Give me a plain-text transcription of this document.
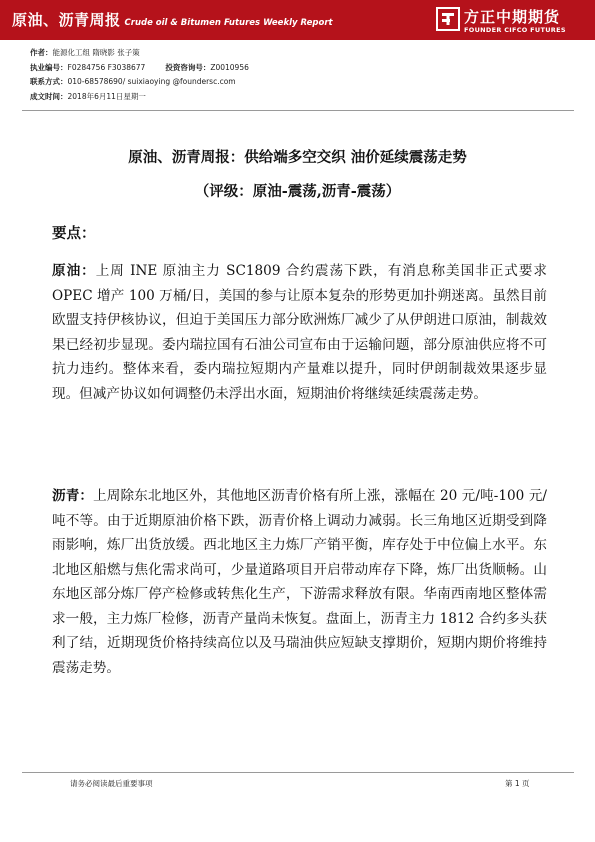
原油、沥青周报 Crude oil & Bitumen Futures Weekly Report	方正中期期货
FOUNDER CIFCO FUTURES
作者：能源化工组 隋晓影 张子策
执业编号：F0284756 F3038677	投资咨询号：Z0010956
联系方式：010-68578690/ suixiaoying @foundersc.com
成文时间：2018年6月11日星期一
原油、沥青周报：供给端多空交织 油价延续震荡走势
（评级：原油-震荡,沥青-震荡）
要点：

原油：上周 INE 原油主力 SC1809 合约震荡下跌，有消息称美国非正式要求 OPEC 增产 100 万桶/日，美国的参与让原本复杂的形势更加扑朔迷离。虽然目前欧盟支持伊核协议，但迫于美国压力部分欧洲炼厂减少了从伊朗进口原油，制裁效果已经初步显现。委内瑞拉国有石油公司宣布由于运输问题，部分原油供应将不可抗力违约。整体来看，委内瑞拉短期内产量难以提升，同时伊朗制裁效果逐步显现。但减产协议如何调整仍未浮出水面，短期油价将继续延续震荡走势。

沥青：上周除东北地区外，其他地区沥青价格有所上涨，涨幅在 20 元/吨-100 元/吨不等。由于近期原油价格下跌，沥青价格上调动力减弱。长三角地区近期受到降雨影响，炼厂出货放缓。西北地区主力炼厂产销平衡，库存处于中位偏上水平。东北地区船燃与焦化需求尚可，少量道路项目开启带动库存下降，炼厂出货顺畅。山东地区部分炼厂停产检修或转焦化生产，下游需求释放有限。华南西南地区整体需求一般，主力炼厂检修，沥青产量尚未恢复。盘面上，沥青主力 1812 合约多头获利了结，近期现货价格持续高位以及马瑞油供应短缺支撑期价，短期内期价将维持震荡走势。

请务必阅读最后重要事项	第 1 页
